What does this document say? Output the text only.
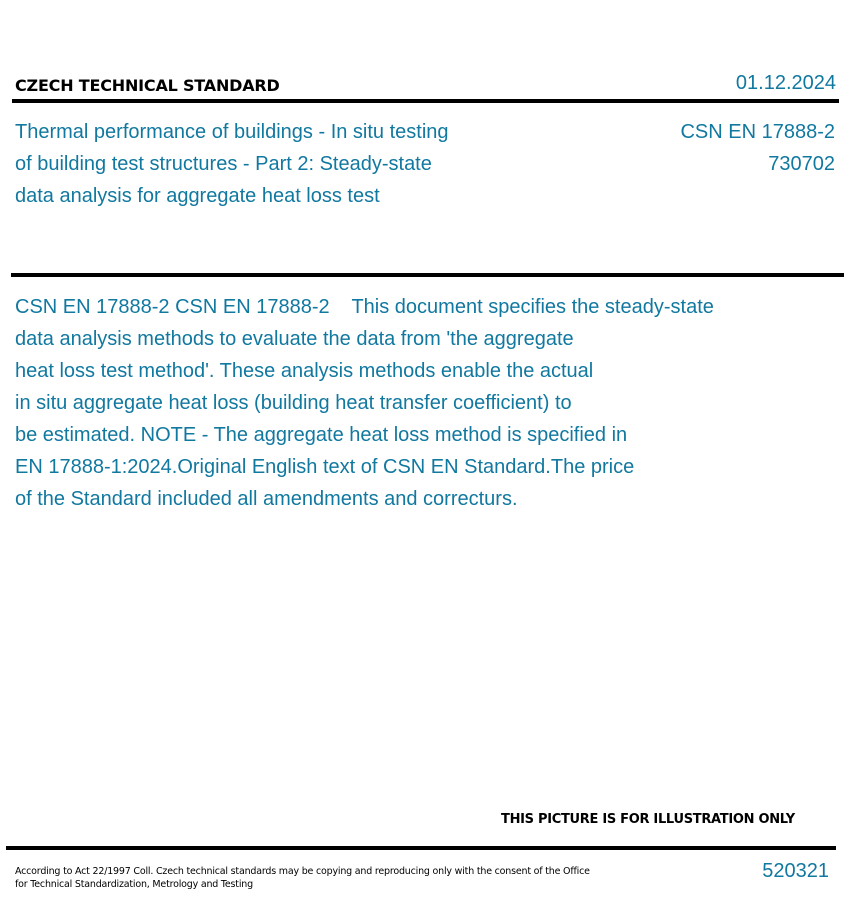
CZECH TECHNICAL STANDARD	01.12.2024
Thermal performance of buildings - In situ testing
of building test structures - Part 2: Steady-state
data analysis for aggregate heat loss test
CSN EN 17888-2
730702
CSN EN 17888-2 CSN EN 17888-2    This document specifies the steady-state
data analysis methods to evaluate the data from 'the aggregate
heat loss test method'. These analysis methods enable the actual
in situ aggregate heat loss (building heat transfer coefficient) to
be estimated. NOTE - The aggregate heat loss method is specified in
EN 17888-1:2024.Original English text of CSN EN Standard.The price
of the Standard included all amendments and correcturs.
THIS PICTURE IS FOR ILLUSTRATION ONLY
According to Act 22/1997 Coll. Czech technical standards may be copying and reproducing only with the consent of the Office
for Technical Standardization, Metrology and Testing
520321
